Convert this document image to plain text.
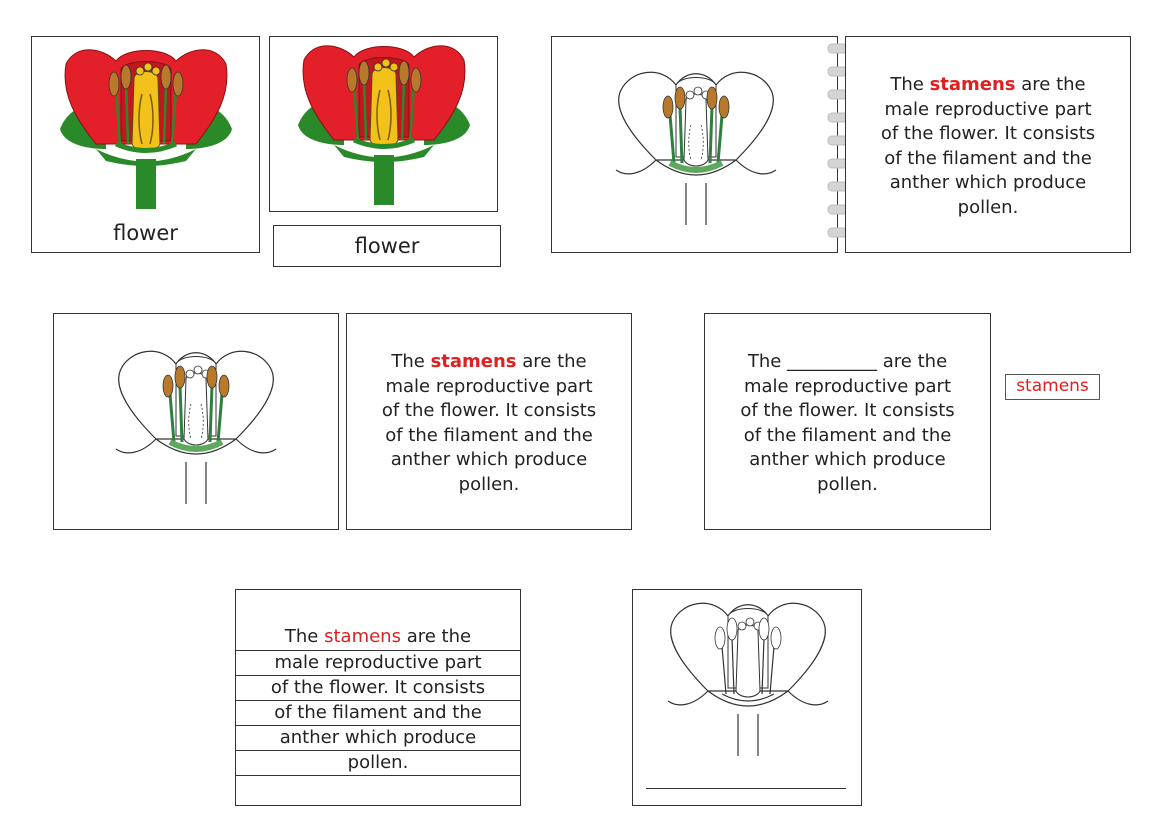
flower
flower
The stamens are the male reproductive part of the flower. It consists of the filament and the anther which produce pollen.
The stamens are the male reproductive part of the flower. It consists of the filament and the anther which produce pollen.
The __________ are the male reproductive part of the flower. It consists of the filament and the anther which produce pollen.
stamens
The stamens are the
male reproductive part
of the flower. It consists
of the filament and the
anther which produce
pollen.
